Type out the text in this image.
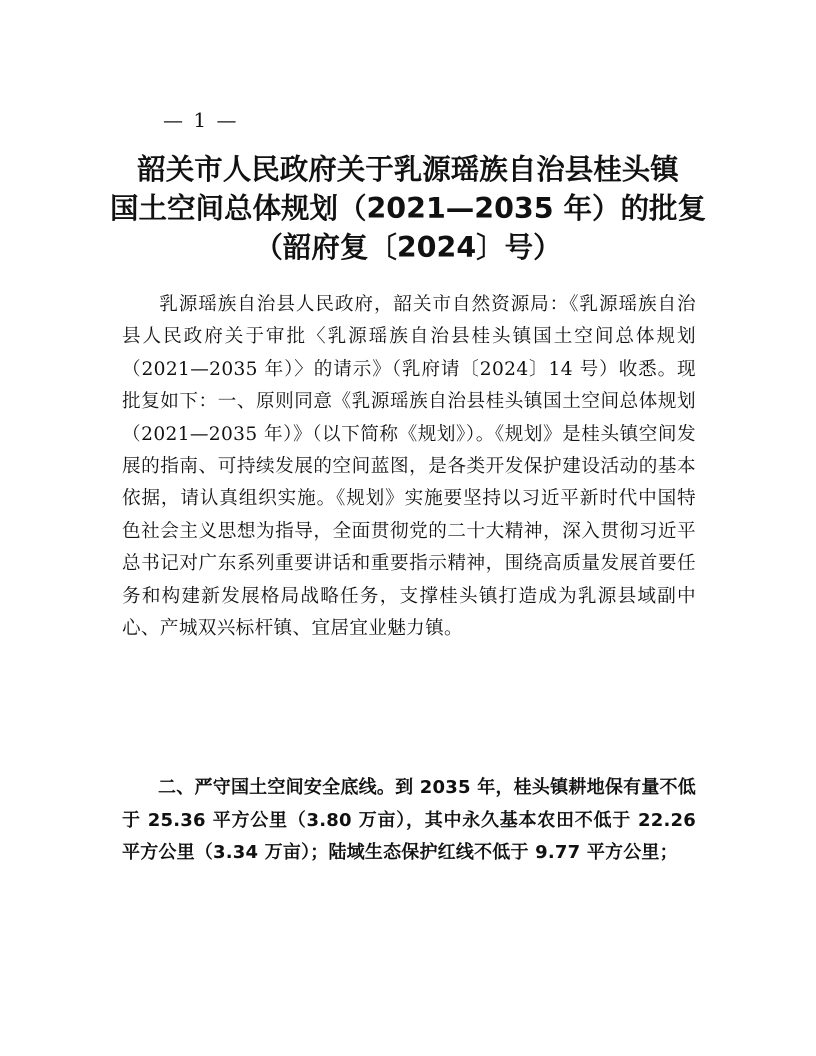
— 1 —
韶关市人民政府关于乳源瑶族自治县桂头镇
国土空间总体规划（2021—2035 年）的批复
（韶府复〔2024〕号）

乳源瑶族自治县人民政府，韶关市自然资源局：《乳源瑶族自治县人民政府关于审批〈乳源瑶族自治县桂头镇国土空间总体规划（2021—2035 年）〉的请示》（乳府请〔2024〕14 号）收悉。现批复如下：一、原则同意《乳源瑶族自治县桂头镇国土空间总体规划（2021—2035 年）》（以下简称《规划》）。《规划》是桂头镇空间发展的指南、可持续发展的空间蓝图，是各类开发保护建设活动的基本依据，请认真组织实施。《规划》实施要坚持以习近平新时代中国特色社会主义思想为指导，全面贯彻党的二十大精神，深入贯彻习近平总书记对广东系列重要讲话和重要指示精神，围绕高质量发展首要任务和构建新发展格局战略任务，支撑桂头镇打造成为乳源县域副中心、产城双兴标杆镇、宜居宜业魅力镇。

二、严守国土空间安全底线。到 2035 年，桂头镇耕地保有量不低于 25.36 平方公里（3.80 万亩），其中永久基本农田不低于 22.26 平方公里（3.34 万亩）；陆域生态保护红线不低于 9.77 平方公里；
